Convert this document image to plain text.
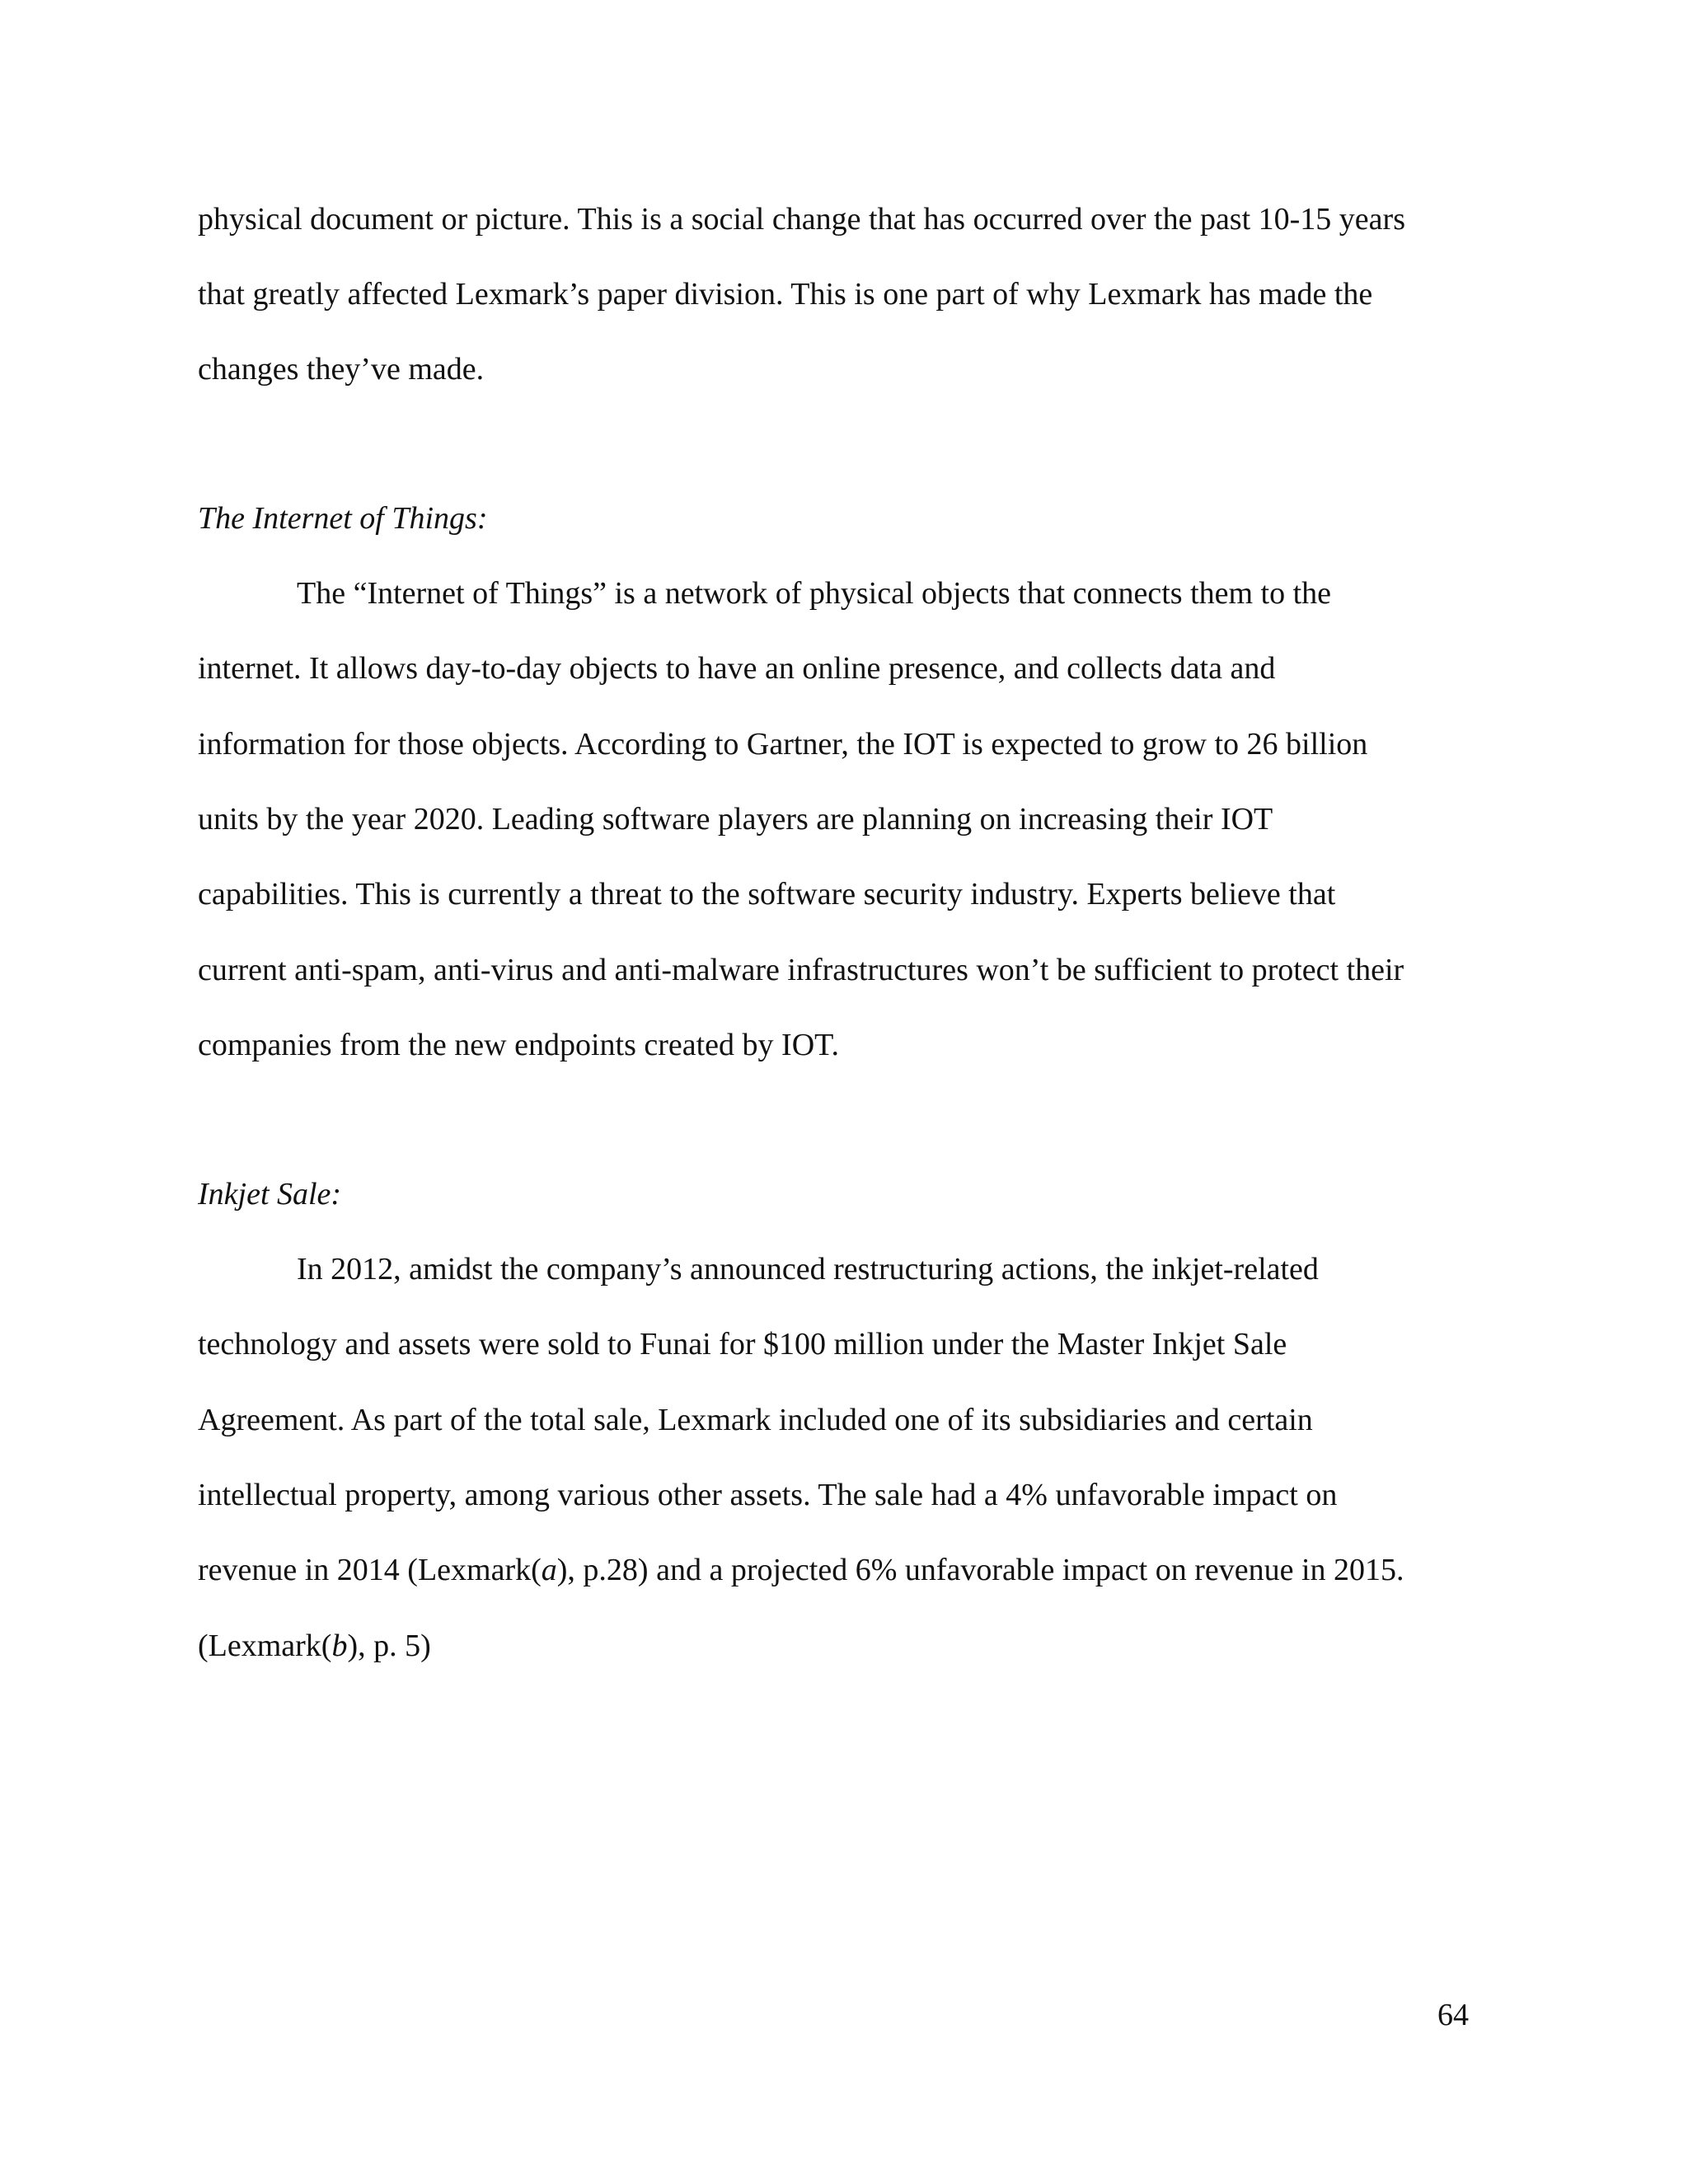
physical document or picture. This is a social change that has occurred over the past 10-15 years
that greatly affected Lexmark’s paper division. This is one part of why Lexmark has made the
changes they’ve made.
The Internet of Things:
The “Internet of Things” is a network of physical objects that connects them to the
internet. It allows day-to-day objects to have an online presence, and collects data and
information for those objects. According to Gartner, the IOT is expected to grow to 26 billion
units by the year 2020. Leading software players are planning on increasing their IOT
capabilities. This is currently a threat to the software security industry. Experts believe that
current anti-spam, anti-virus and anti-malware infrastructures won’t be sufficient to protect their
companies from the new endpoints created by IOT.
Inkjet Sale:
In 2012, amidst the company’s announced restructuring actions, the inkjet-related
technology and assets were sold to Funai for $100 million under the Master Inkjet Sale
Agreement. As part of the total sale, Lexmark included one of its subsidiaries and certain
intellectual property, among various other assets. The sale had a 4% unfavorable impact on
revenue in 2014 (Lexmark(a), p.28) and a projected 6% unfavorable impact on revenue in 2015.
(Lexmark(b), p. 5)
64
